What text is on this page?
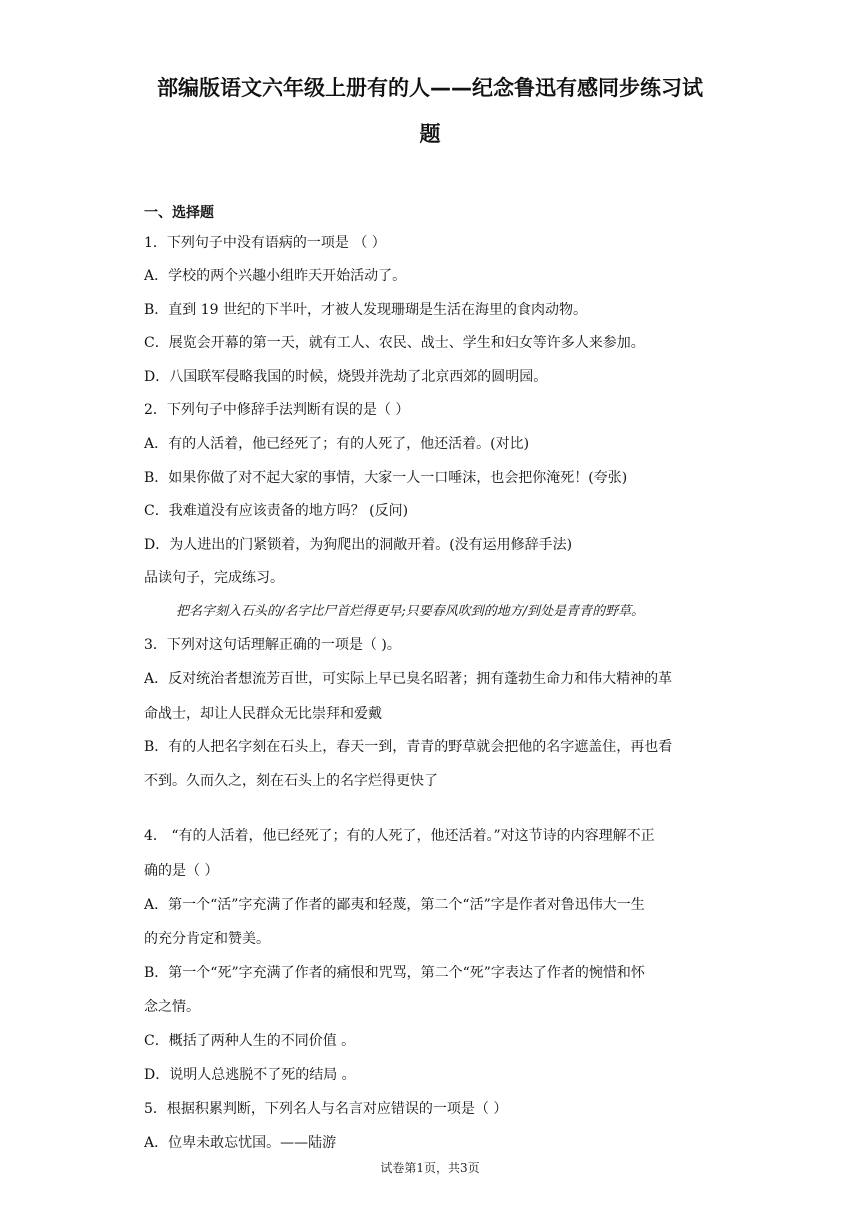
部编版语文六年级上册有的人——纪念鲁迅有感同步练习试
题
一、选择题
1．下列句子中没有语病的一项是 （ ）
A．学校的两个兴趣小组昨天开始活动了。
B．直到 19 世纪的下半叶，才被人发现珊瑚是生活在海里的食肉动物。
C．展览会开幕的第一天，就有工人、农民、战士、学生和妇女等许多人来参加。
D．八国联军侵略我国的时候，烧毁并洗劫了北京西郊的圆明园。
2．下列句子中修辞手法判断有误的是（ ）
A．有的人活着，他已经死了；有的人死了，他还活着。(对比)
B．如果你做了对不起大家的事情，大家一人一口唾沫，也会把你淹死！(夸张)
C．我难道没有应该责备的地方吗？ (反问)
D．为人进出的门紧锁着，为狗爬出的洞敞开着。(没有运用修辞手法)
品读句子，完成练习。
把名字刻入石头的/名字比尸首烂得更早;只要春风吹到的地方/到处是青青的野草。
3．下列对这句话理解正确的一项是（ )。
A．反对统治者想流芳百世，可实际上早已臭名昭著；拥有蓬勃生命力和伟大精神的革
命战士，却让人民群众无比崇拜和爱戴
B．有的人把名字刻在石头上，春天一到，青青的野草就会把他的名字遮盖住，再也看
不到。久而久之，刻在石头上的名字烂得更快了
4． “有的人活着，他已经死了；有的人死了，他还活着。”对这节诗的内容理解不正
确的是（ ）
A．第一个“活”字充满了作者的鄙夷和轻蔑，第二个“活”字是作者对鲁迅伟大一生
的充分肯定和赞美。
B．第一个“死”字充满了作者的痛恨和咒骂，第二个“死”字表达了作者的惋惜和怀
念之情。
C．概括了两种人生的不同价值 。
D．说明人总逃脱不了死的结局 。
5．根据积累判断，下列名人与名言对应错误的一项是（ ）
A．位卑未敢忘忧国。——陆游
试卷第1页，共3页
